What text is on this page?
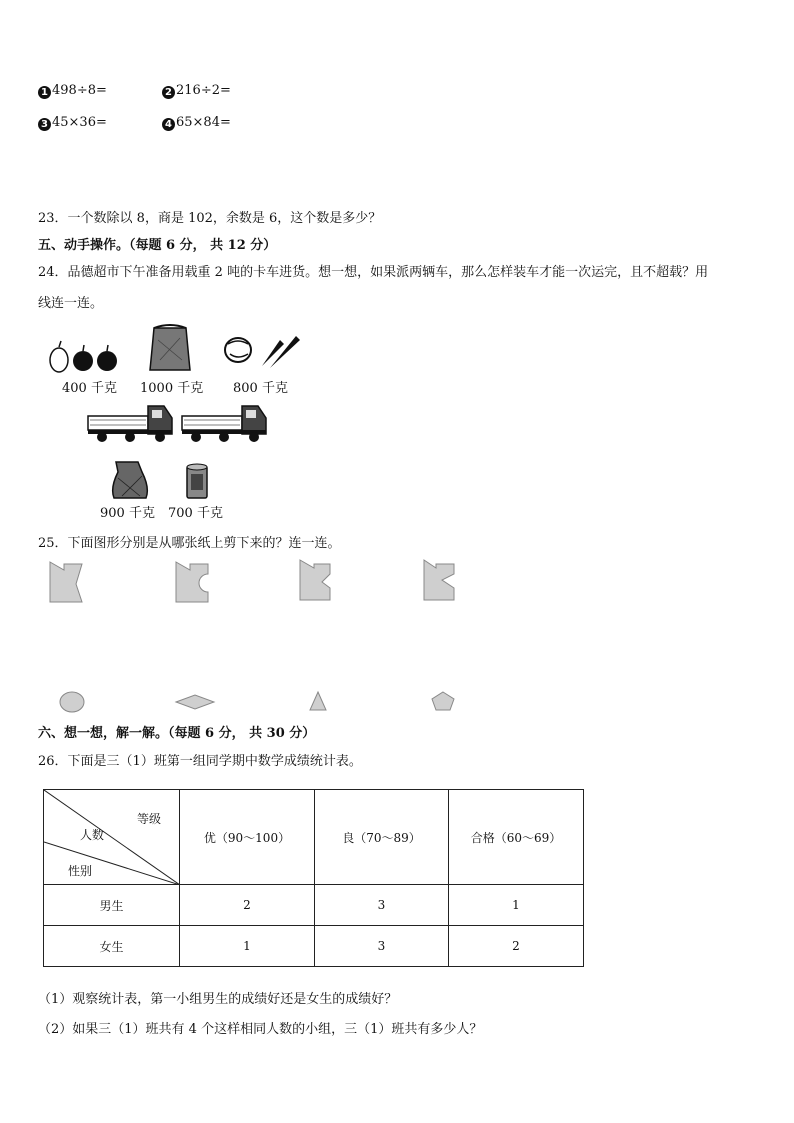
1 498÷8=	2 216÷2=
3 45×36=	4 65×84=
23．一个数除以 8，商是 102，余数是 6，这个数是多少？
五、动手操作。（每题 6 分， 共 12 分）
24．品德超市下午准备用载重 2 吨的卡车进货。想一想，如果派两辆车，那么怎样装车才能一次运完，且不超载？用
线连一连。
400 千克 1000 千克 800 千克
900 千克 700 千克
25．下面图形分别是从哪张纸上剪下来的？连一连。
六、想一想，解一解。（每题 6 分， 共 30 分）
26．下面是三（1）班第一组同学期中数学成绩统计表。
等级
人数
性别	优（90～100）	良（70～89）	合格（60～69）
男生	2	3	1
女生	1	3	2
（1）观察统计表，第一小组男生的成绩好还是女生的成绩好？
（2）如果三（1）班共有 4 个这样相同人数的小组，三（1）班共有多少人？
